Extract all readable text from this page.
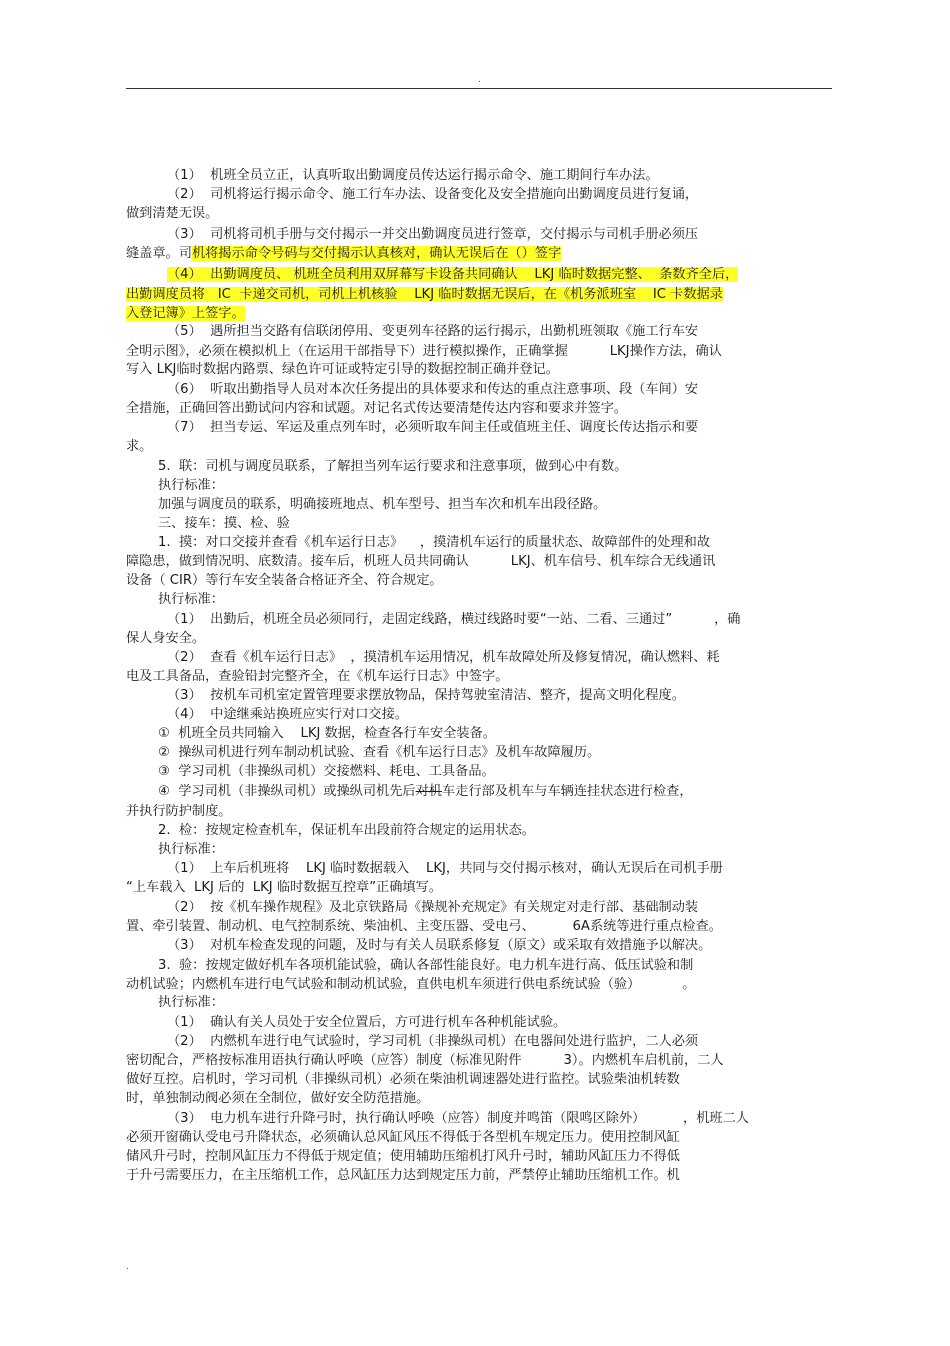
.
（1）  机班全员立正，认真听取出勤调度员传达运行揭示命令、施工期间行车办法。
（2）  司机将运行揭示命令、施工行车办法、设备变化及安全措施向出勤调度员进行复诵，
做到清楚无误。
（3）  司机将司机手册与交付揭示一并交出勤调度员进行签章，交付揭示与司机手册必须压
缝盖章。司机将揭示命令号码与交付揭示认真核对，确认无误后在（）签字
（4）  出勤调度员、 机班全员利用双屏幕写卡设备共同确认    LKJ 临时数据完整、  条数齐全后，
出勤调度员将   IC  卡递交司机，司机上机核验    LKJ 临时数据无误后，在《机务派班室    IC 卡数据录
入登记簿》上签字。
（5）  遇所担当交路有信联闭停用、变更列车径路的运行揭示，出勤机班领取《施工行车安
全明示图》，必须在模拟机上（在运用干部指导下）进行模拟操作，正确掌握          LKJ操作方法，确认
写入 LKJ临时数据内路票、绿色许可证或特定引导的数据控制正确并登记。
（6）  听取出勤指导人员对本次任务提出的具体要求和传达的重点注意事项、段（车间）安
全措施，正确回答出勤试问内容和试题。对记名式传达要清楚传达内容和要求并签字。
（7）  担当专运、军运及重点列车时，必须听取车间主任或值班主任、调度长传达指示和要
求。
5.  联：司机与调度员联系，了解担当列车运行要求和注意事项，做到心中有数。
执行标准：
加强与调度员的联系，明确接班地点、机车型号、担当车次和机车出段径路。
三、接车：摸、检、验
1.  摸：对口交接并查看《机车运行日志》    ，摸清机车运行的质量状态、故障部件的处理和故
障隐患，做到情况明、底数清。接车后，机班人员共同确认          LKJ、机车信号、机车综合无线通讯
设备（ CIR）等行车安全装备合格证齐全、符合规定。
执行标准：
（1）  出勤后，机班全员必须同行，走固定线路，横过线路时要“一站、二看、三通过”          ，确
保人身安全。
（2）  查看《机车运行日志》  ，摸清机车运用情况，机车故障处所及修复情况，确认燃料、耗
电及工具备品，查验铅封完整齐全，在《机车运行日志》中签字。
（3）  按机车司机室定置管理要求摆放物品，保持驾驶室清洁、整齐，提高文明化程度。
（4）  中途继乘站换班应实行对口交接。
①  机班全员共同输入    LKJ 数据，检查各行车安全装备。
②  操纵司机进行列车制动机试验、查看《机车运行日志》及机车故障履历。
③  学习司机（非操纵司机）交接燃料、耗电、工具备品。
④  学习司机（非操纵司机）或操纵司机先后对机车走行部及机车与车辆连挂状态进行检查，
并执行防护制度。
2.  检：按规定检查机车，保证机车出段前符合规定的运用状态。
执行标准：
（1）  上车后机班将    LKJ 临时数据载入    LKJ，共同与交付揭示核对，确认无误后在司机手册
“上车载入  LKJ 后的  LKJ 临时数据互控章”正确填写。
（2）  按《机车操作规程》及北京铁路局《操规补充规定》有关规定对走行部、基础制动装
置、牵引装置、制动机、电气控制系统、柴油机、主变压器、受电弓、         6A系统等进行重点检查。
（3）  对机车检查发现的问题，及时与有关人员联系修复（原文）或采取有效措施予以解决。
3.  验：按规定做好机车各项机能试验，确认各部性能良好。电力机车进行高、低压试验和制
动机试验；内燃机车进行电气试验和制动机试验，直供电机车须进行供电系统试验（验）          。
执行标准：
（1）  确认有关人员处于安全位置后，方可进行机车各种机能试验。
（2）  内燃机车进行电气试验时，学习司机（非操纵司机）在电器间处进行监护，二人必须
密切配合，严格按标准用语执行确认呼唤（应答）制度（标准见附件          3）。内燃机车启机前，二人
做好互控。启机时，学习司机（非操纵司机）必须在柴油机调速器处进行监控。试验柴油机转数
时，单独制动阀必须在全制位，做好安全防范措施。
（3）  电力机车进行升降弓时，执行确认呼唤（应答）制度并鸣笛（限鸣区除外）         ，机班二人
必须开窗确认受电弓升降状态，必须确认总风缸风压不得低于各型机车规定压力。使用控制风缸
储风升弓时，控制风缸压力不得低于规定值；使用辅助压缩机打风升弓时，辅助风缸压力不得低
于升弓需要压力，在主压缩机工作，总风缸压力达到规定压力前，严禁停止辅助压缩机工作。机
.
